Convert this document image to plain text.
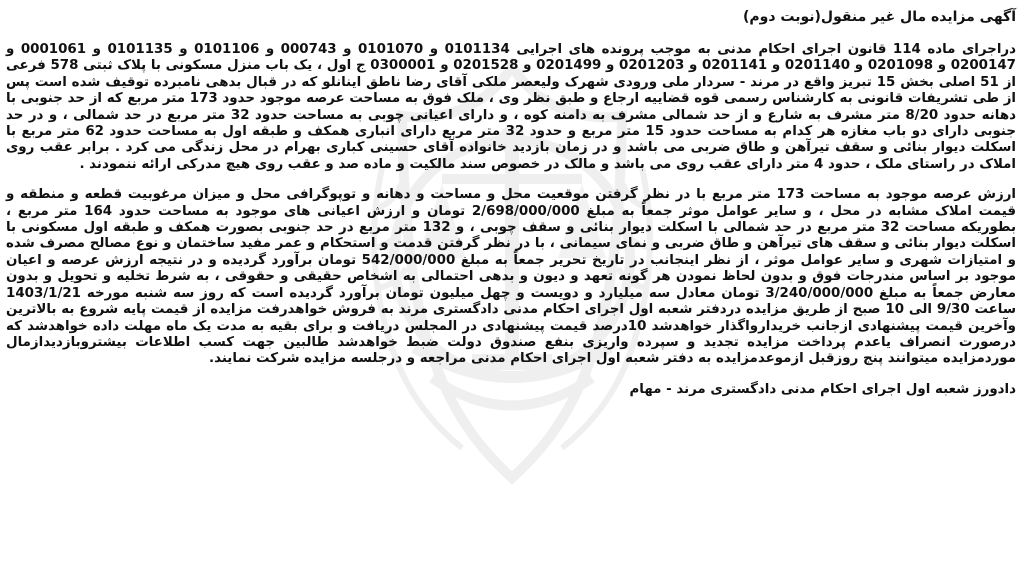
آگهی مزایده مال غیر منقول(نوبت دوم)
دراجرای ماده 114 قانون اجرای احکام مدنی به موجب پرونده های اجرایی 0101134 و 0101070 و 000743 و 0101106 و 0101135 و 0001061 و 0200147 و 0201098 و 0201140 و 0201141 و 0201203 و 0201499 و 0201528 و 0300001 ج اول ، یک باب منزل مسکونی با پلاک ثبتی 578 فرعی از 51 اصلی بخش 15 تبریز واقع در مرند - سردار ملی ورودی شهرک ولیعصر ملکی آقای رضا ناطق اینانلو که در قبال بدهی نامبرده توقیف شده است پس از طی تشریفات قانونی به کارشناس رسمی قوه قضاییه ارجاع و طبق نظر وی ، ملک فوق به مساحت عرصه موجود حدود 173 متر مربع که از حد جنوبی با دهانه حدود 8/20 متر مشرف به شارع و از حد شمالی مشرف به دامنه کوه ، و دارای اعیانی چوبی به مساحت حدود 32 متر مربع در حد شمالی ، و در حد جنوبی دارای دو باب مغازه هر کدام به مساحت حدود 15 متر مربع و حدود 32 متر مربع دارای انباری همکف و طبقه اول به مساحت حدود 62 متر مربع با اسکلت دیوار بنائی و سقف تیرآهن و طاق ضربی می باشد و در زمان بازدید خانواده آقای حسینی کباری بهرام در محل زندگی می کرد . برابر عقب روی املاک در راستای ملک ، حدود 4 متر دارای عقب روی می باشد و مالک در خصوص سند مالکیت و ماده صد و عقب روی هیچ مدرکی ارائه ننمودند .
ارزش عرصه موجود به مساحت 173 متر مربع با در نظر گرفتن موقعیت محل و مساحت و دهانه و توپوگرافی محل و میزان مرغوبیت قطعه و منطقه و قیمت املاک مشابه در محل ، و سایر عوامل موثر جمعاً به مبلغ 2/698/000/000 تومان و ارزش اعیانی های موجود به مساحت حدود 164 متر مربع ، بطوریکه مساحت 32 متر مربع در حد شمالی با اسکلت دیوار بنائی و سقف چوبی ، و 132 متر مربع در حد جنوبی بصورت همکف و طبقه اول مسکونی با اسکلت دیوار بنائی و سقف های تیرآهن و طاق ضربی و نمای سیمانی ، با در نظر گرفتن قدمت و استحکام و عمر مفید ساختمان و نوع مصالح مصرف شده و امتیازات شهری و سایر عوامل موثر ، از نظر اینجانب در تاریخ تحریر جمعاً به مبلغ 542/000/000 تومان برآورد گردیده و در نتیجه ارزش عرصه و اعیان موجود بر اساس مندرجات فوق و بدون لحاظ نمودن هر گونه تعهد و دیون و بدهی احتمالی به اشخاص حقیقی و حقوقی ، به شرط تخلیه و تحویل و بدون معارض جمعاً به مبلغ 3/240/000/000 تومان معادل سه میلیارد و دویست و چهل میلیون تومان برآورد گردیده است که روز سه شنبه مورخه 1403/1/21 ساعت 9/30 الی 10 صبح از طریق مزایده دردفتر شعبه اول اجرای احکام مدنی دادگستری مرند به فروش خواهدرفت مزایده از قیمت پایه شروع به بالاترین وآخرین قیمت پیشنهادی ازجانب خریدارواگذار خواهدشد 10درصد قیمت پیشنهادی در المجلس دریافت و برای بقیه به مدت یک ماه مهلت داده خواهدشد که درصورت انصراف یاعدم پرداخت مزایده تجدید و سپرده واریزی بنفع صندوق دولت ضبط خواهدشد طالبین جهت کسب اطلاعات بیشتروبازدیدازمال موردمزایده میتوانند پنج روزقبل ازموعدمزایده به دفتر شعبه اول اجرای احکام مدنی مراجعه و درجلسه مزایده شرکت نمایند.
دادورز شعبه اول اجرای احکام مدنی دادگستری مرند - مهام
